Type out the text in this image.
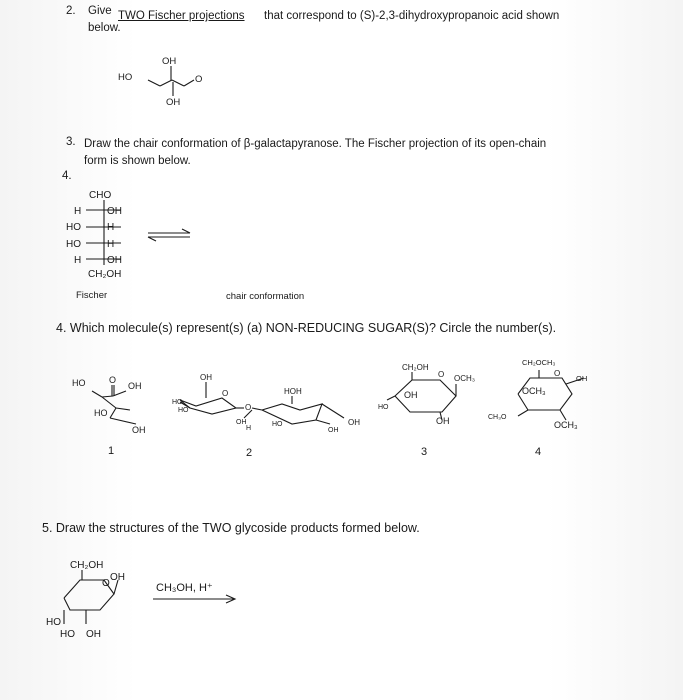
2. Give TWO Fischer projections that correspond to (S)-2,3-dihydroxypropanoic acid shown
below.
3. Draw the chair conformation of β-galactapyranose. The Fischer projection of its open-chain
form is shown below.
4.
Fischer	chair conformation
4. Which molecule(s) represent(s) (a) NON-REDUCING SUGAR(S)? Circle the number(s).
5. Draw the structures of the TWO glycoside products formed below.
OH
HO	O
OH
CHO
H	OH
HO	H
HO	H
H	OH
CH₂OH
O
HO	OH
HO
OH
1
OH
HO
HO
O
O
HOH
OH
H
HO
OH
OH
2
CH₂OH
O OCH₃
OH
HO
OH
3
CH₂OCH₃
O
OH
OCH₃
CH₃O
OCH₃
4
CH₂OH
O
OH
HO
HO OH
CH₃OH, H⁺
